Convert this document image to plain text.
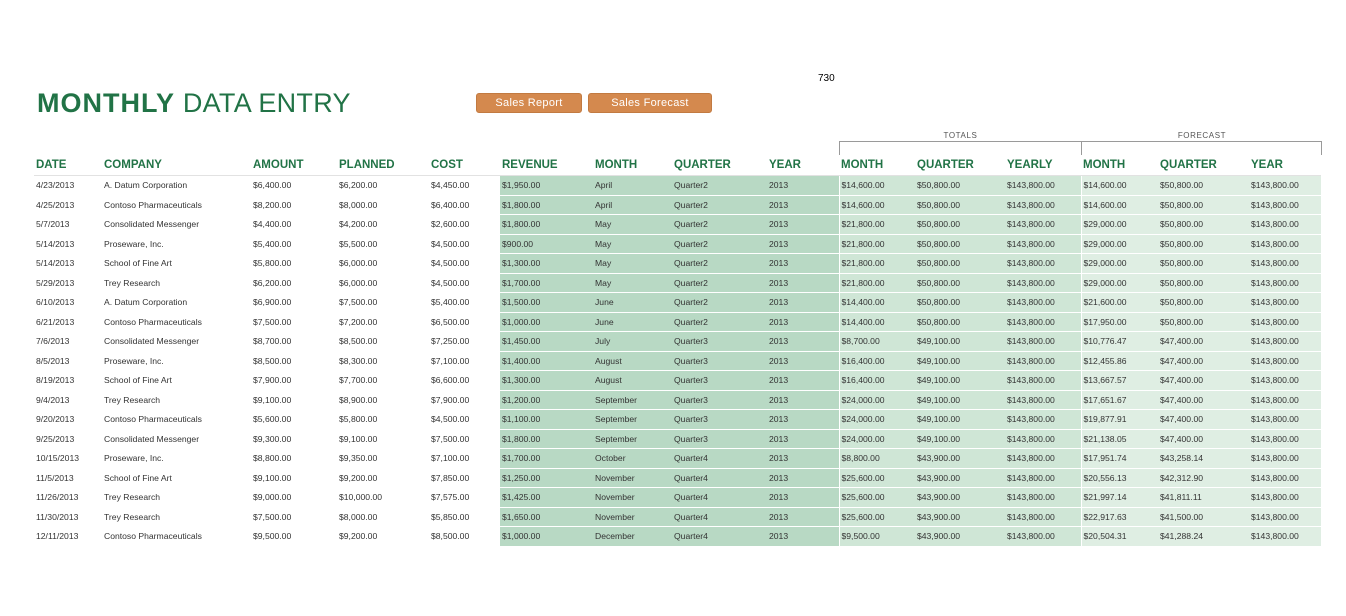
730
MONTHLY DATA ENTRY	Sales Report	Sales Forecast
TOTALS	FORECAST
DATE	COMPANY	AMOUNT	PLANNED	COST	REVENUE	MONTH	QUARTER	YEAR	MONTH	QUARTER	YEARLY	MONTH	QUARTER	YEAR
4/23/2013	A. Datum Corporation	$6,400.00	$6,200.00	$4,450.00	$1,950.00	April	Quarter2	2013	$14,600.00	$50,800.00	$143,800.00	$14,600.00	$50,800.00	$143,800.00
4/25/2013	Contoso Pharmaceuticals	$8,200.00	$8,000.00	$6,400.00	$1,800.00	April	Quarter2	2013	$14,600.00	$50,800.00	$143,800.00	$14,600.00	$50,800.00	$143,800.00
5/7/2013	Consolidated Messenger	$4,400.00	$4,200.00	$2,600.00	$1,800.00	May	Quarter2	2013	$21,800.00	$50,800.00	$143,800.00	$29,000.00	$50,800.00	$143,800.00
5/14/2013	Proseware, Inc.	$5,400.00	$5,500.00	$4,500.00	$900.00	May	Quarter2	2013	$21,800.00	$50,800.00	$143,800.00	$29,000.00	$50,800.00	$143,800.00
5/14/2013	School of Fine Art	$5,800.00	$6,000.00	$4,500.00	$1,300.00	May	Quarter2	2013	$21,800.00	$50,800.00	$143,800.00	$29,000.00	$50,800.00	$143,800.00
5/29/2013	Trey Research	$6,200.00	$6,000.00	$4,500.00	$1,700.00	May	Quarter2	2013	$21,800.00	$50,800.00	$143,800.00	$29,000.00	$50,800.00	$143,800.00
6/10/2013	A. Datum Corporation	$6,900.00	$7,500.00	$5,400.00	$1,500.00	June	Quarter2	2013	$14,400.00	$50,800.00	$143,800.00	$21,600.00	$50,800.00	$143,800.00
6/21/2013	Contoso Pharmaceuticals	$7,500.00	$7,200.00	$6,500.00	$1,000.00	June	Quarter2	2013	$14,400.00	$50,800.00	$143,800.00	$17,950.00	$50,800.00	$143,800.00
7/6/2013	Consolidated Messenger	$8,700.00	$8,500.00	$7,250.00	$1,450.00	July	Quarter3	2013	$8,700.00	$49,100.00	$143,800.00	$10,776.47	$47,400.00	$143,800.00
8/5/2013	Proseware, Inc.	$8,500.00	$8,300.00	$7,100.00	$1,400.00	August	Quarter3	2013	$16,400.00	$49,100.00	$143,800.00	$12,455.86	$47,400.00	$143,800.00
8/19/2013	School of Fine Art	$7,900.00	$7,700.00	$6,600.00	$1,300.00	August	Quarter3	2013	$16,400.00	$49,100.00	$143,800.00	$13,667.57	$47,400.00	$143,800.00
9/4/2013	Trey Research	$9,100.00	$8,900.00	$7,900.00	$1,200.00	September	Quarter3	2013	$24,000.00	$49,100.00	$143,800.00	$17,651.67	$47,400.00	$143,800.00
9/20/2013	Contoso Pharmaceuticals	$5,600.00	$5,800.00	$4,500.00	$1,100.00	September	Quarter3	2013	$24,000.00	$49,100.00	$143,800.00	$19,877.91	$47,400.00	$143,800.00
9/25/2013	Consolidated Messenger	$9,300.00	$9,100.00	$7,500.00	$1,800.00	September	Quarter3	2013	$24,000.00	$49,100.00	$143,800.00	$21,138.05	$47,400.00	$143,800.00
10/15/2013	Proseware, Inc.	$8,800.00	$9,350.00	$7,100.00	$1,700.00	October	Quarter4	2013	$8,800.00	$43,900.00	$143,800.00	$17,951.74	$43,258.14	$143,800.00
11/5/2013	School of Fine Art	$9,100.00	$9,200.00	$7,850.00	$1,250.00	November	Quarter4	2013	$25,600.00	$43,900.00	$143,800.00	$20,556.13	$42,312.90	$143,800.00
11/26/2013	Trey Research	$9,000.00	$10,000.00	$7,575.00	$1,425.00	November	Quarter4	2013	$25,600.00	$43,900.00	$143,800.00	$21,997.14	$41,811.11	$143,800.00
11/30/2013	Trey Research	$7,500.00	$8,000.00	$5,850.00	$1,650.00	November	Quarter4	2013	$25,600.00	$43,900.00	$143,800.00	$22,917.63	$41,500.00	$143,800.00
12/11/2013	Contoso Pharmaceuticals	$9,500.00	$9,200.00	$8,500.00	$1,000.00	December	Quarter4	2013	$9,500.00	$43,900.00	$143,800.00	$20,504.31	$41,288.24	$143,800.00
